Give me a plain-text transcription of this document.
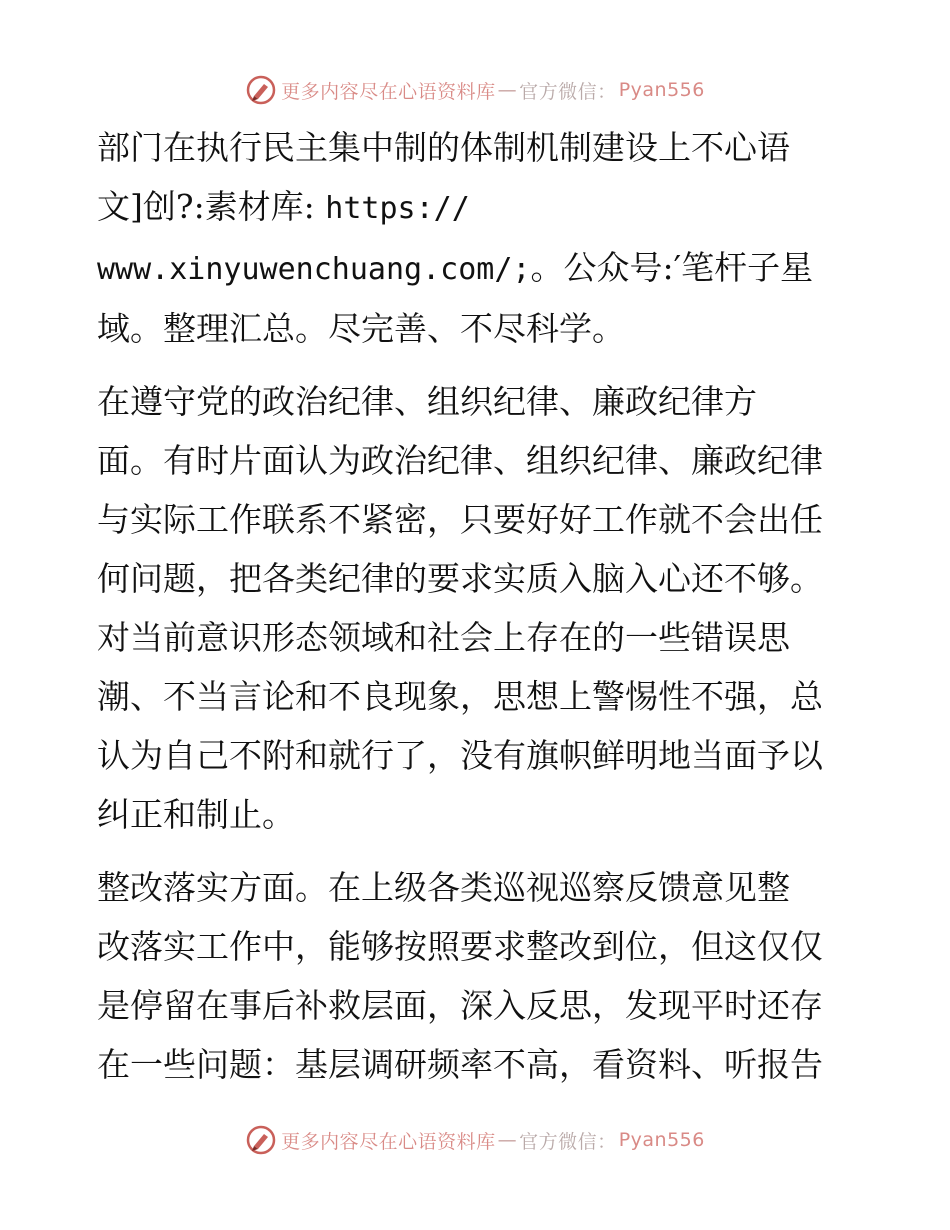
更多内容尽在心语资料库 — 官方微信： Pyan556

部门在执行民主集中制的体制机制建设上不心语
文]创?:素材库: https://
www.xinyuwenchuang.com/;。公众号:′笔杆子星
域。整理汇总。尽完善、不尽科学。

在遵守党的政治纪律、组织纪律、廉政纪律方
面。有时片面认为政治纪律、组织纪律、廉政纪律
与实际工作联系不紧密，只要好好工作就不会出任
何问题，把各类纪律的要求实质入脑入心还不够。
对当前意识形态领域和社会上存在的一些错误思
潮、不当言论和不良现象，思想上警惕性不强，总
认为自己不附和就行了，没有旗帜鲜明地当面予以
纠正和制止。

整改落实方面。在上级各类巡视巡察反馈意见整
改落实工作中，能够按照要求整改到位，但这仅仅
是停留在事后补救层面，深入反思，发现平时还存
在一些问题：基层调研频率不高，看资料、听报告

更多内容尽在心语资料库 — 官方微信： Pyan556
